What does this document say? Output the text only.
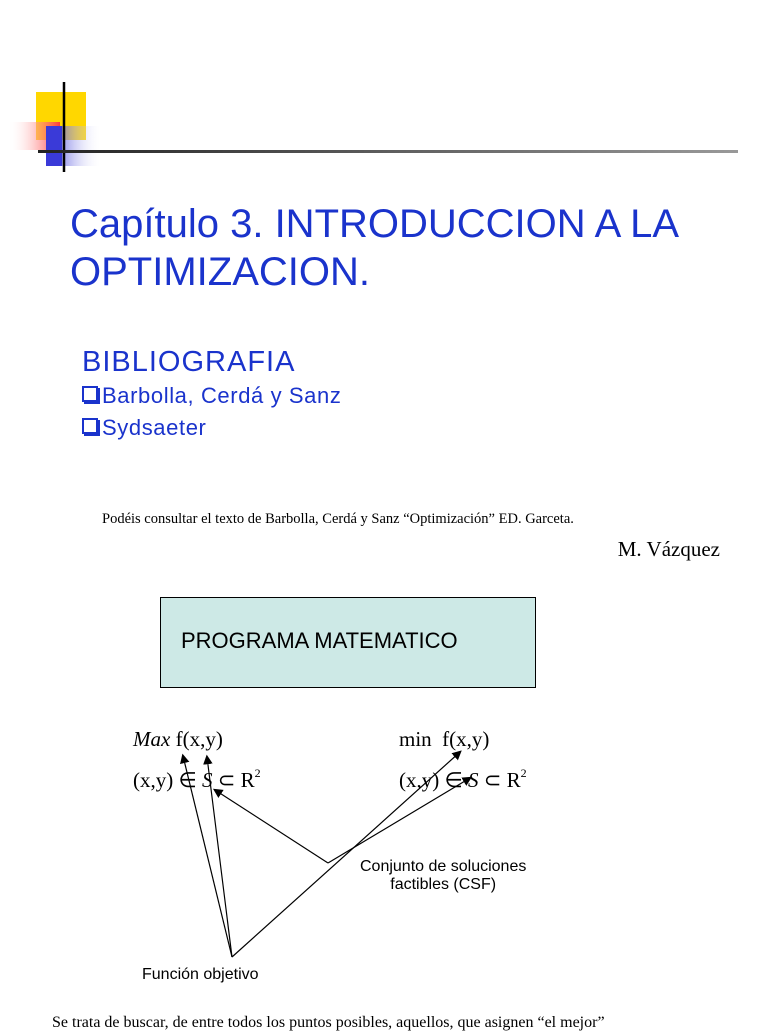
Capítulo 3. INTRODUCCION A LA
OPTIMIZACION.
BIBLIOGRAFIA
Barbolla, Cerdá y Sanz
Sydsaeter
Podéis consultar el texto de Barbolla, Cerdá y Sanz “Optimización” ED. Garceta.
M. Vázquez
PROGRAMA MATEMATICO
Max f(x,y)
(x,y) ∈ S ⊂ $R^2$
min f(x,y)
(x,y) ∈ S ⊂ $R^2$
Conjunto de soluciones
factibles (CSF)
Función objetivo
Se trata de buscar, de entre todos los puntos posibles, aquellos, que asignen “el mejor”
